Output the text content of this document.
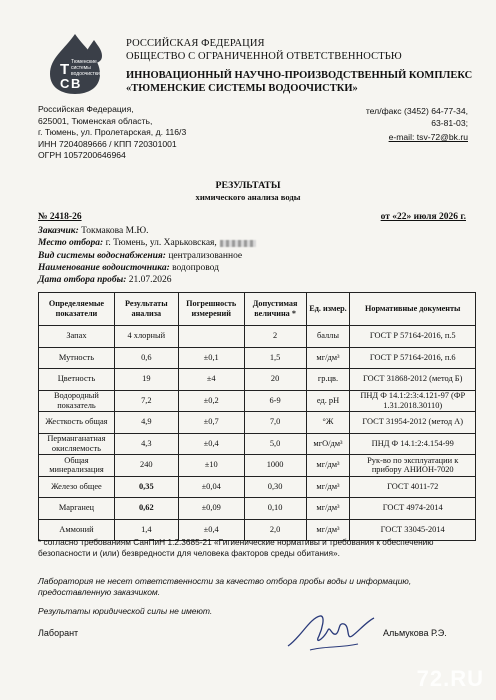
Т
С В
Тюменские
системы
водоочистки
РОССИЙСКАЯ ФЕДЕРАЦИЯ
ОБЩЕСТВО С ОГРАНИЧЕННОЙ ОТВЕТСТВЕННОСТЬЮ
ИННОВАЦИОННЫЙ НАУЧНО-ПРОИЗВОДСТВЕННЫЙ КОМПЛЕКС
«ТЮМЕНСКИЕ СИСТЕМЫ ВОДООЧИСТКИ»
Российская Федерация,
625001, Тюменская область,
г. Тюмень, ул. Пролетарская, д. 116/3
ИНН 7204089666 / КПП 720301001
ОГРН 1057200646964
тел/факс (3452) 64-77-34,
63-81-03;
e-mail: tsv-72@bk.ru
РЕЗУЛЬТАТЫ
химического анализа воды
№ 2418-26	от «22» июля 2026 г.
Заказчик: Токмакова М.Ю.
Место отбора: г. Тюмень, ул. Харьковская,
Вид системы водоснабжения: централизованное
Наименование водоисточника: водопровод
Дата отбора пробы: 21.07.2026
Определяемые показатели	Результаты анализа	Погрешность измерений	Допустимая величина *	Ед. измер.	Нормативные документы
Запах	4 хлорный		2	баллы	ГОСТ Р 57164-2016, п.5
Мутность	0,6	±0,1	1,5	мг/дм³	ГОСТ Р 57164-2016, п.6
Цветность	19	±4	20	гр.цв.	ГОСТ 31868-2012 (метод Б)
Водородный показатель	7,2	±0,2	6-9	ед. pH	ПНД Ф 14.1:2:3:4.121-97 (ФР 1.31.2018.30110)
Жесткость общая	4,9	±0,7	7,0	°Ж	ГОСТ 31954-2012 (метод А)
Перманганатная окисляемость	4,3	±0,4	5,0	мгО/дм³	ПНД Ф 14.1:2:4.154-99
Общая минерализация	240	±10	1000	мг/дм³	Рук-во по эксплуатации к прибору АНИОН-7020
Железо общее	0,35	±0,04	0,30	мг/дм³	ГОСТ 4011-72
Марганец	0,62	±0,09	0,10	мг/дм³	ГОСТ 4974-2014
Аммоний	1,4	±0,4	2,0	мг/дм³	ГОСТ 33045-2014
* согласно требованиям СанПиН 1.2.3685-21 «Гигиенические нормативы и требования к обеспечению безопасности и (или) безвредности для человека факторов среды обитания».
Лаборатория не несет ответственности за качество отбора пробы воды и информацию, предоставленную заказчиком.
Результаты юридической силы не имеют.
Лаборант	Альмукова Р.Э.
72.RU
